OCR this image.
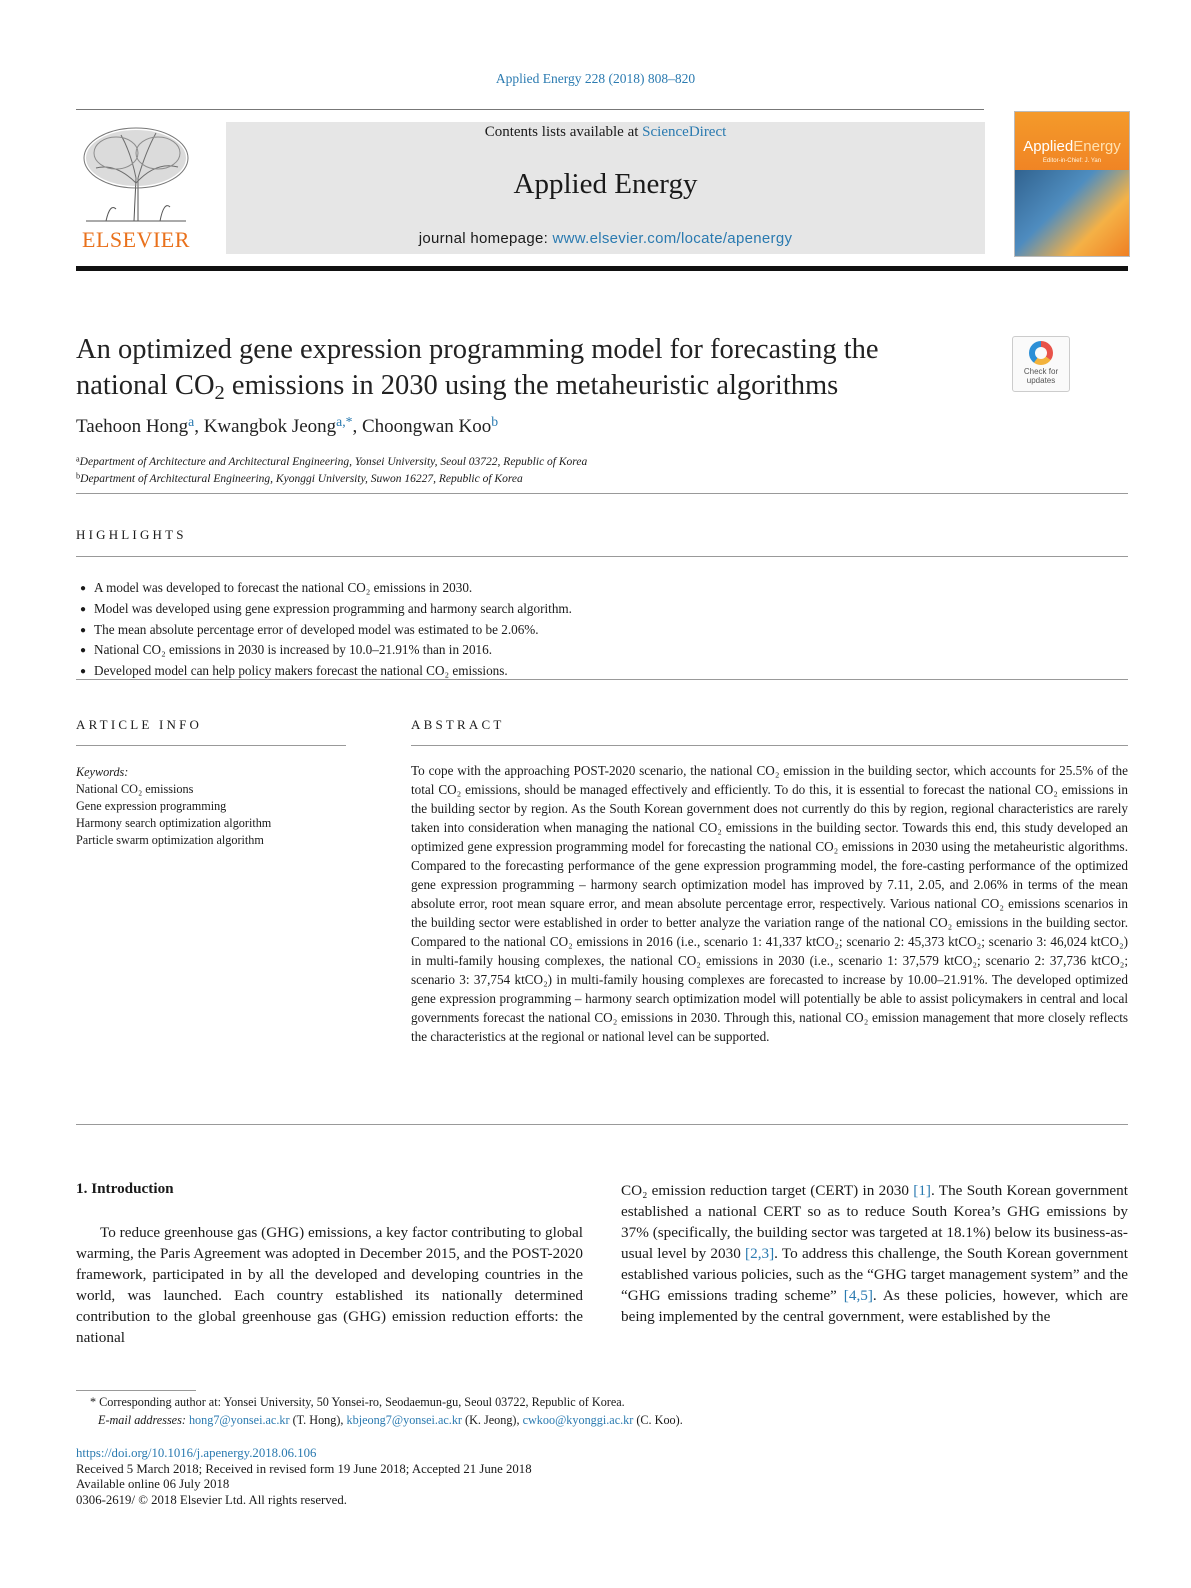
Applied Energy 228 (2018) 808–820
ELSEVIER
Contents lists available at ScienceDirect
Applied Energy
journal homepage: www.elsevier.com/locate/apenergy
AppliedEnergy
Editor-in-Chief: J. Yan
An optimized gene expression programming model for forecasting the
national $CO_2$ emissions in 2030 using the metaheuristic algorithms	Check for updates
Taehoon Hong$^a$, Kwangbok Jeong$^{a,*}$, Choongwan Koo$^b$
$^a$Department of Architecture and Architectural Engineering, Yonsei University, Seoul 03722, Republic of Korea
$^b$Department of Architectural Engineering, Kyonggi University, Suwon 16227, Republic of Korea
HIGHLIGHTS
● A model was developed to forecast the national CO₂ emissions in 2030.
● Model was developed using gene expression programming and harmony search algorithm.
● The mean absolute percentage error of developed model was estimated to be 2.06%.
● National CO₂ emissions in 2030 is increased by 10.0–21.91% than in 2016.
● Developed model can help policy makers forecast the national CO₂ emissions.
ARTICLE INFO
Keywords:
National CO₂ emissions
Gene expression programming
Harmony search optimization algorithm
Particle swarm optimization algorithm
ABSTRACT
To cope with the approaching POST-2020 scenario, the national CO₂ emission in the building sector, which accounts for 25.5% of the total CO₂ emissions, should be managed effectively and efficiently. To do this, it is essential to forecast the national CO₂ emissions in the building sector by region. As the South Korean government does not currently do this by region, regional characteristics are rarely taken into consideration when managing the national CO₂ emissions in the building sector. Towards this end, this study developed an optimized gene expression programming model for forecasting the national CO₂ emissions in 2030 using the metaheuristic algorithms. Compared to the forecasting performance of the gene expression programming model, the fore-casting performance of the optimized gene expression programming – harmony search optimization model has improved by 7.11, 2.05, and 2.06% in terms of the mean absolute error, root mean square error, and mean absolute percentage error, respectively. Various national CO₂ emissions scenarios in the building sector were established in order to better analyze the variation range of the national CO₂ emissions in the building sector. Compared to the national CO₂ emissions in 2016 (i.e., scenario 1: 41,337 ktCO₂; scenario 2: 45,373 ktCO₂; scenario 3: 46,024 ktCO₂) in multi-family housing complexes, the national CO₂ emissions in 2030 (i.e., scenario 1: 37,579 ktCO₂; scenario 2: 37,736 ktCO₂; scenario 3: 37,754 ktCO₂) in multi-family housing complexes are forecasted to increase by 10.00–21.91%. The developed optimized gene expression programming – harmony search optimization model will potentially be able to assist policymakers in central and local governments forecast the national CO₂ emissions in 2030. Through this, national CO₂ emission management that more closely reflects the characteristics at the regional or national level can be supported.
1. Introduction
To reduce greenhouse gas (GHG) emissions, a key factor contributing to global warming, the Paris Agreement was adopted in December 2015, and the POST-2020 framework, participated in by all the developed and developing countries in the world, was launched. Each country established its nationally determined contribution to the global greenhouse gas (GHG) emission reduction efforts: the national
CO₂ emission reduction target (CERT) in 2030 [1]. The South Korean government established a national CERT so as to reduce South Korea’s GHG emissions by 37% (specifically, the building sector was targeted at 18.1%) below its business-as-usual level by 2030 [2,3]. To address this challenge, the South Korean government established various policies, such as the “GHG target management system” and the “GHG emissions trading scheme” [4,5]. As these policies, however, which are being implemented by the central government, were established by the
* Corresponding author at: Yonsei University, 50 Yonsei-ro, Seodaemun-gu, Seoul 03722, Republic of Korea.
E-mail addresses: hong7@yonsei.ac.kr (T. Hong), kbjeong7@yonsei.ac.kr (K. Jeong), cwkoo@kyonggi.ac.kr (C. Koo).
https://doi.org/10.1016/j.apenergy.2018.06.106
Received 5 March 2018; Received in revised form 19 June 2018; Accepted 21 June 2018
Available online 06 July 2018
0306-2619/ © 2018 Elsevier Ltd. All rights reserved.
